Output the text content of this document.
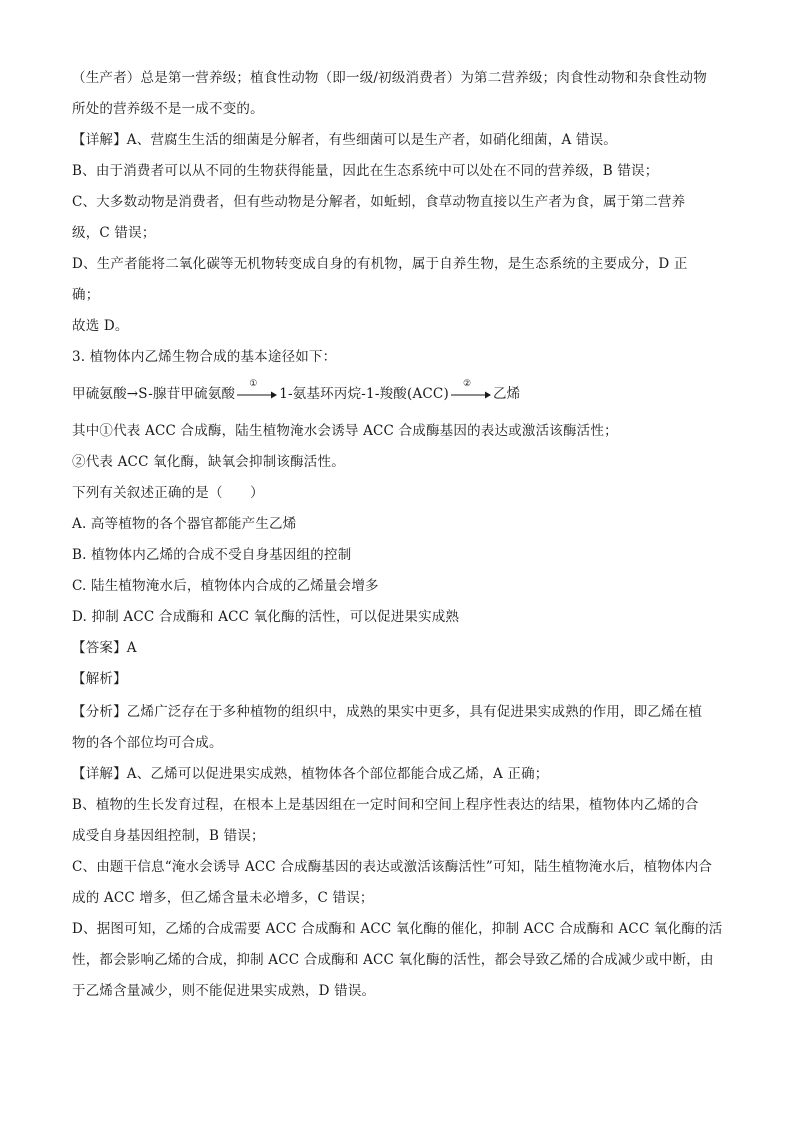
（生产者）总是第一营养级；植食性动物（即一级/初级消费者）为第二营养级；肉食性动物和杂食性动物
所处的营养级不是一成不变的。
【详解】A、营腐生生活的细菌是分解者，有些细菌可以是生产者，如硝化细菌，A 错误。
B、由于消费者可以从不同的生物获得能量，因此在生态系统中可以处在不同的营养级，B 错误；
C、大多数动物是消费者，但有些动物是分解者，如蚯蚓，食草动物直接以生产者为食，属于第二营养
级，C 错误；
D、生产者能将二氧化碳等无机物转变成自身的有机物，属于自养生物，是生态系统的主要成分，D 正
确；
故选 D。
3. 植物体内乙烯生物合成的基本途径如下：
甲硫氨酸→S-腺苷甲硫氨酸
①
1-氨基环丙烷-1-羧酸(ACC)
②
乙烯
其中①代表 ACC 合成酶，陆生植物淹水会诱导 ACC 合成酶基因的表达或激活该酶活性；
②代表 ACC 氧化酶，缺氧会抑制该酶活性。
下列有关叙述正确的是（　　）
A. 高等植物的各个器官都能产生乙烯
B. 植物体内乙烯的合成不受自身基因组的控制
C. 陆生植物淹水后，植物体内合成的乙烯量会增多
D. 抑制 ACC 合成酶和 ACC 氧化酶的活性，可以促进果实成熟
【答案】A
【解析】
【分析】乙烯广泛存在于多种植物的组织中，成熟的果实中更多，具有促进果实成熟的作用，即乙烯在植
物的各个部位均可合成。
【详解】A、乙烯可以促进果实成熟，植物体各个部位都能合成乙烯，A 正确；
B、植物的生长发育过程，在根本上是基因组在一定时间和空间上程序性表达的结果，植物体内乙烯的合
成受自身基因组控制，B 错误；
C、由题干信息“淹水会诱导 ACC 合成酶基因的表达或激活该酶活性”可知，陆生植物淹水后，植物体内合
成的 ACC 增多，但乙烯含量未必增多，C 错误；
D、据图可知，乙烯的合成需要 ACC 合成酶和 ACC 氧化酶的催化，抑制 ACC 合成酶和 ACC 氧化酶的活
性，都会影响乙烯的合成，抑制 ACC 合成酶和 ACC 氧化酶的活性，都会导致乙烯的合成减少或中断，由
于乙烯含量减少，则不能促进果实成熟，D 错误。
